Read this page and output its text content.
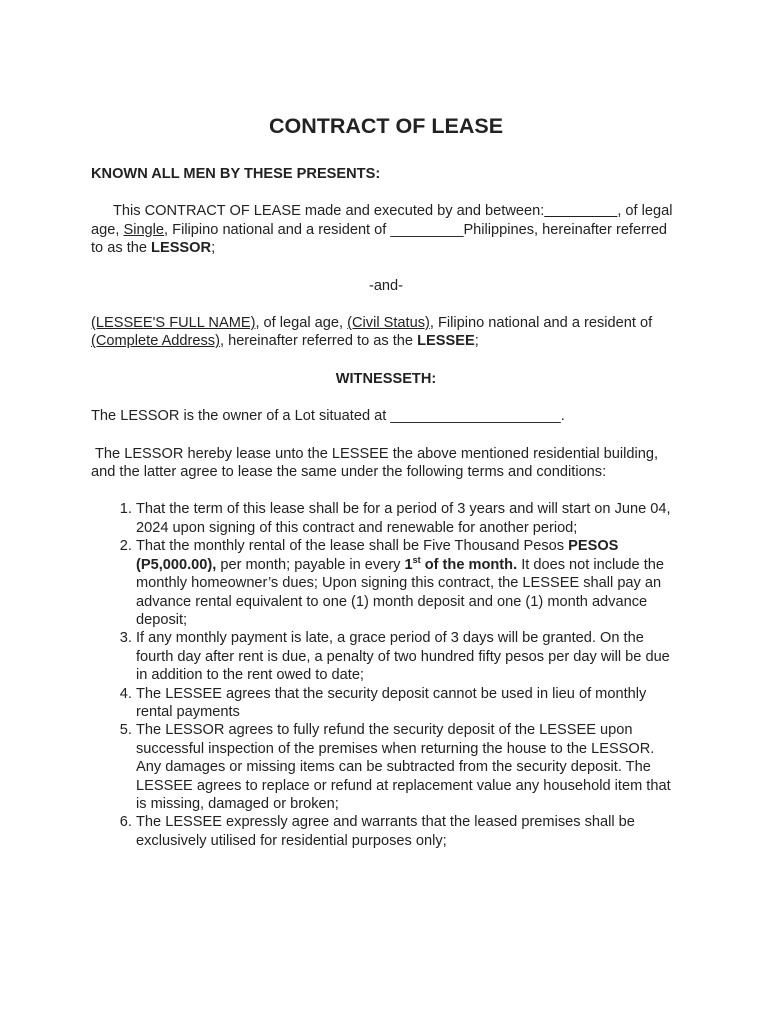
CONTRACT OF LEASE
KNOWN ALL MEN BY THESE PRESENTS:

This CONTRACT OF LEASE made and executed by and between:_________, of legal age, Single, Filipino national and a resident of _________Philippines, hereinafter referred to as the LESSOR;

-and-

(LESSEE'S FULL NAME), of legal age, (Civil Status), Filipino national and a resident of (Complete Address), hereinafter referred to as the LESSEE;

WITNESSETH:

The LESSOR is the owner of a Lot situated at _____________________.

The LESSOR hereby lease unto the LESSEE the above mentioned residential building, and the latter agree to lease the same under the following terms and conditions:

1. That the term of this lease shall be for a period of 3 years and will start on June 04, 2024 upon signing of this contract and renewable for another period;
2. That the monthly rental of the lease shall be Five Thousand Pesos PESOS (P5,000.00), per month; payable in every 1st of the month. It does not include the monthly homeowner’s dues; Upon signing this contract, the LESSEE shall pay an advance rental equivalent to one (1) month deposit and one (1) month advance deposit;
3. If any monthly payment is late, a grace period of 3 days will be granted. On the fourth day after rent is due, a penalty of two hundred fifty pesos per day will be due in addition to the rent owed to date;
4. The LESSEE agrees that the security deposit cannot be used in lieu of monthly rental payments
5. The LESSOR agrees to fully refund the security deposit of the LESSEE upon successful inspection of the premises when returning the house to the LESSOR. Any damages or missing items can be subtracted from the security deposit. The LESSEE agrees to replace or refund at replacement value any household item that is missing, damaged or broken;
6. The LESSEE expressly agree and warrants that the leased premises shall be exclusively utilised for residential purposes only;
